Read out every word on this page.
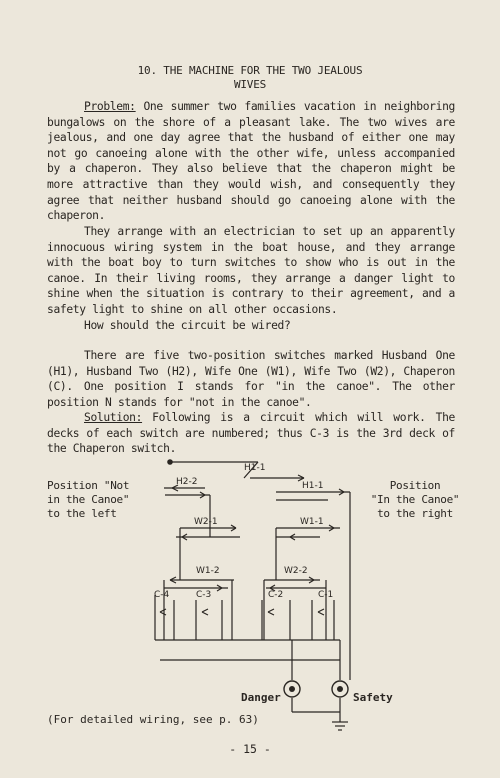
10. THE MACHINE FOR THE TWO JEALOUS
WIVES

Problem: One summer two families vacation in neighboring bungalows on the shore of a pleasant lake. The two wives are jealous, and one day agree that the husband of either one may not go canoeing alone with the other wife, unless accompanied by a chaperon. They also believe that the chaperon might be more attractive than they would wish, and consequently they agree that neither husband should go canoeing alone with the chaperon.

They arrange with an electrician to set up an apparently innocuous wiring system in the boat house, and they arrange with the boat boy to turn switches to show who is out in the canoe. In their living rooms, they arrange a danger light to shine when the situation is contrary to their agreement, and a safety light to shine on all other occasions.

How should the circuit be wired?

There are five two-position switches marked Husband One (H1), Husband Two (H2), Wife One (W1), Wife Two (W2), Chaperon (C). One position I stands for "in the canoe". The other position N stands for "not in the canoe".

Solution: Following is a circuit which will work. The decks of each switch are numbered; thus C-3 is the 3rd deck of the Chaperon switch.

Position "Not
in the Canoe"
to the left
Position
"In the Canoe"
to the right
H1-1
H2-2	H1-1
W2-1	W1-1
W1-2	W2-2
C-4	C-3	C-2	C-1
Danger	Safety
(For detailed wiring, see p. 63)
- 15 -
